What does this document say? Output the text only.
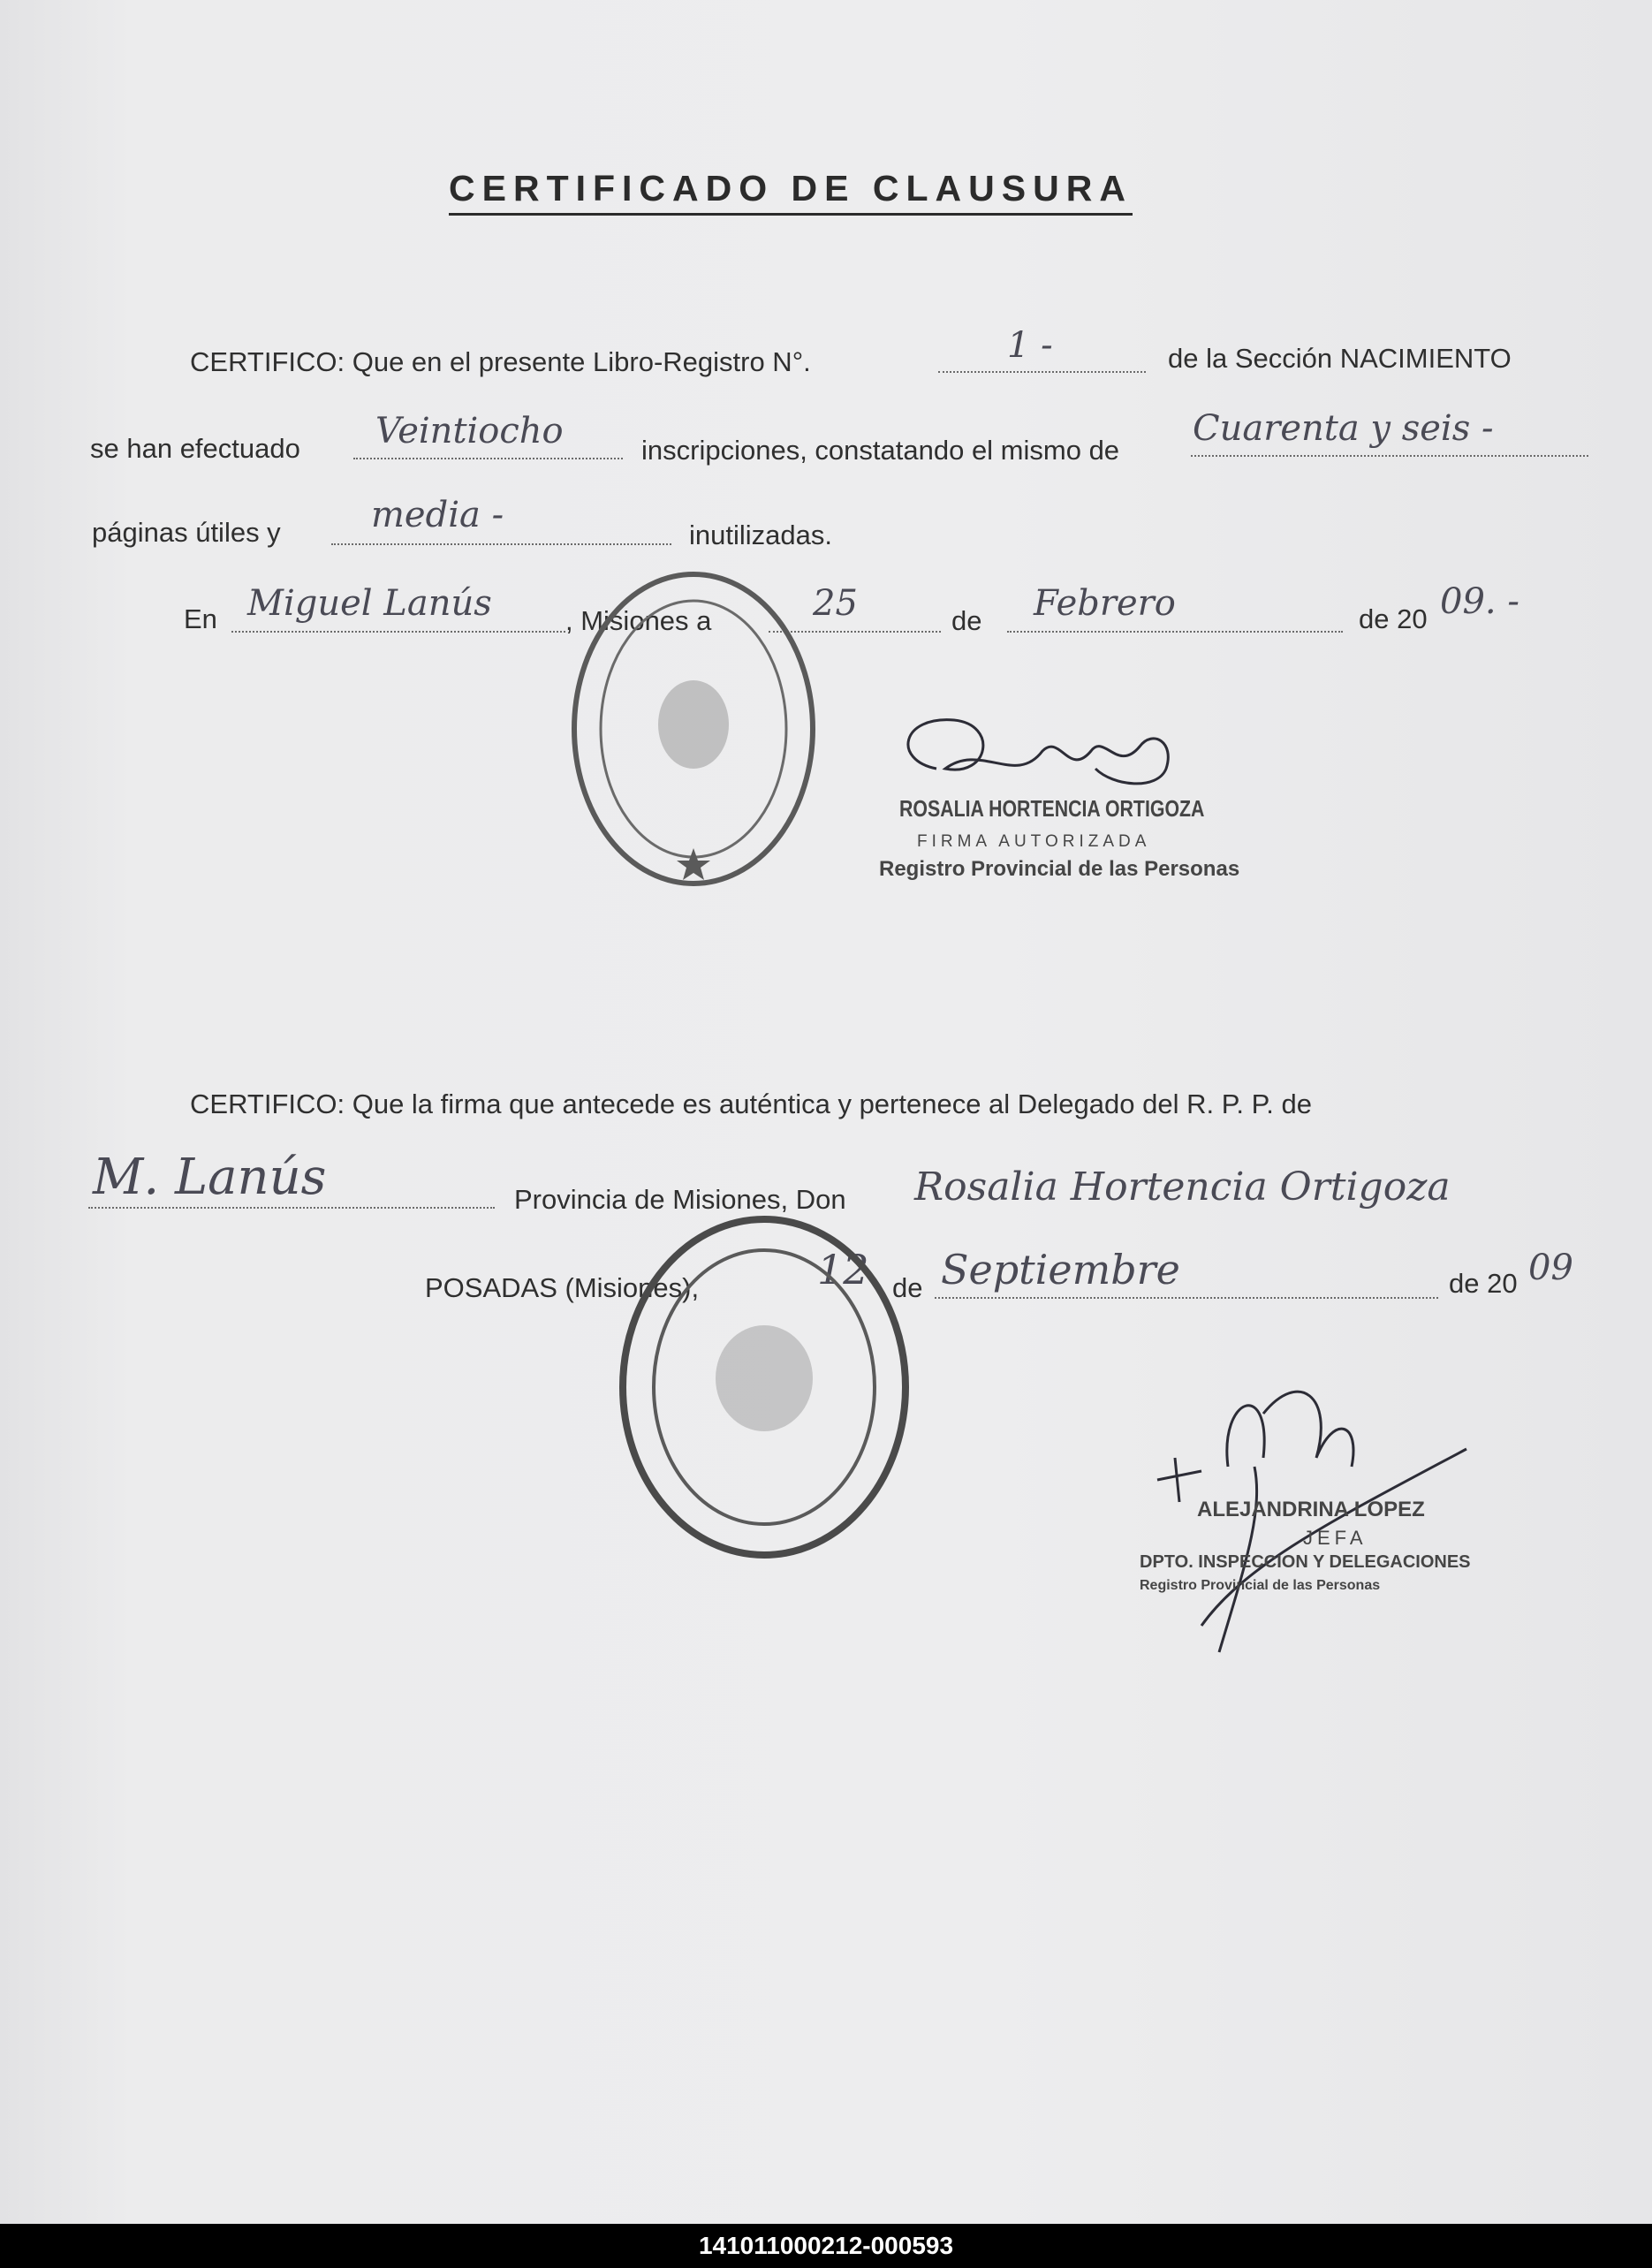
CERTIFICADO DE CLAUSURA
CERTIFICO: Que en el presente Libro-Registro N°.	1 -	de la Sección NACIMIENTO
se han efectuado Veintiocho	inscripciones, constatando el mismo de
Cuarenta y seis -
páginas útiles y	media -	inutilizadas.
En Miguel Lanús	, Misiones a	25	de Febrero	de 20 09. -
ROSALIA HORTENCIA ORTIGOZA
FIRMA AUTORIZADA
Registro Provincial de las Personas
CERTIFICO: Que la firma que antecede es auténtica y pertenece al Delegado del R. P. P. de
M. Lanús	Provincia de Misiones, Don Rosalia Hortencia Ortigoza
POSADAS (Misiones),	12 de Septiembre	de 20 09
ALEJANDRINA LOPEZ
JEFA
DPTO. INSPECCION Y DELEGACIONES
Registro Provincial de las Personas
141011000212-000593
